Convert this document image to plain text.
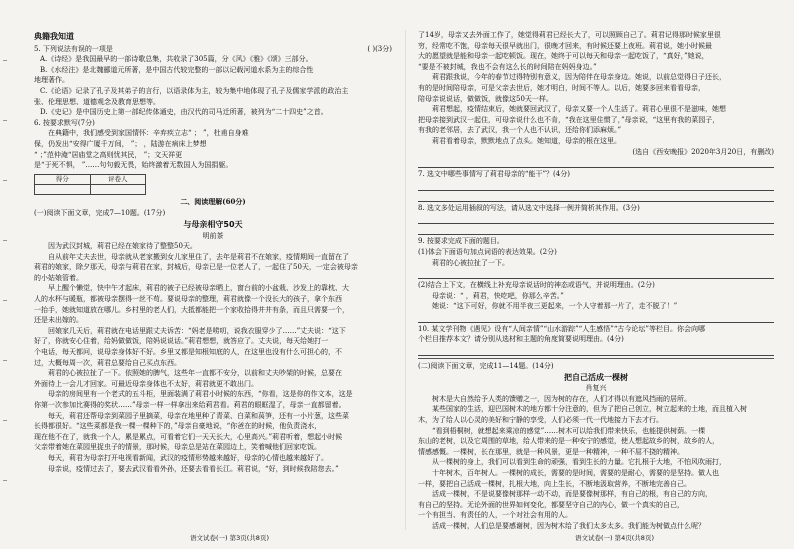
典籍我知道
5. 下列说法有误的一项是	( )(3分)
A.《诗经》是我国最早的一部诗歌总集，共收录了305篇，分《风》《雅》《颂》三部分。
B.《水经注》是北魏郦道元所著，是中国古代较完整的一部以记载河道水系为主的综合性
地理著作。
C.《论语》记录了孔子及其弟子的言行，以语录体为主，较为集中地体现了孔子及儒家学派的政治主
张、伦理思想、道德观念及教育思想等。
D.《史记》是中国历史上第一部纪传体通史，由汉代的司马迁所著，被列为“二十四史”之首。
6. 按要求默写(7分)
在典籍中，我们感受到家国情怀：辛弃疾立志“ ； ”，杜甫自身难
保，仍发出“安得广厦千万间， ”； ，陆游在病床上梦想
“ ；”范仲淹“居庙堂之高则忧其民， ”；文天祥更
是“于死不惧， ”……句句毅无畏，始终激着无数国人为国捐躯。
得分	评卷人
二、阅读理解(60分)
(一)阅读下面文章，完成7—10题。(17分)
与母亲相守50天
明前茶
因为武汉封城，莉君已经在娘家待了整整50天。
自从前年丈夫去世，母亲就从老家搬到女儿家里住了，去年是莉君不在娘家，疫情期间一直留在了
莉君的娘家，除夕那天，母亲与莉君在家，封城后，母亲已是一位老人了，一起住了50天，一定会被母亲
的小姑娘管着。
早上醒个懒觉，快中午才起床，莉君的被子已经被母亲晒上，窗台前的小盆栽、沙发上的靠枕、大
人的水杯与暖瓶，都被母亲摆得一丝不苟。要说母亲的整理，莉君就像一个没长大的孩子，拿个东西
一抬手，她就知道放在哪儿。乡村里的老人们，大抵都能把一个家收拾得井井有条，而且只需要一个，
还是未出嫁的。
回娘家几天后，莉君就在电话里跟丈夫诉苦：“妈老是唠叨，说我衣服穿少了……”丈夫说：“这下
好了，你就安心住着，给妈做做饭，陪妈说说话。”莉君想想，就答应了。丈夫说，每天给她打一
个电话，每天都问，说母亲身体好不好。乡里又都是知根知底的人，在这里也没有什么可担心的，不
过，大概每周一次，莉君总要给自己买点东西。
莉君的心被拉扯了一下。依照她的脾气，这些年一直都不安分，以前和丈夫吵架的时候，总要在
外面待上一会儿才回家。可最近母亲身体也不太好，莉君就更不敢出门。
母亲的房间里有一个老式的五斗柜，里面装满了莉君小时候的东西，“你看，这是你的作文本，这是
你第一次参加比赛得的奖状……”母亲一样一样拿出来给莉君看。莉君的眼眶湿了，母亲一直都留着。
每天，莉君还帮母亲到菜园子里摘菜，母亲在地里种了青菜、白菜和莴笋，还有一小片葱，这些菜
长得都很好。“这些菜都是我一棵一棵种下的，”母亲自豪地说，“你爸在的时候，他负责浇水，
现在他不在了，就我一个人，累是累点，可看着它们一天天长大，心里高兴。”莉君听着，想起小时候
父亲带着她在菜园里捉虫子的情景，那时候，母亲总是站在菜园边上，笑着喊他们回家吃饭。
每天，莉君为母亲打开电视看新闻，武汉的疫情形势越来越好，母亲的心情也越来越好了。
母亲说，疫情过去了，要去武汉看看外孙，还要去看看长江。莉君说，“好，到时候我陪您去。”
了14岁，母亲又去外面工作了，她觉得莉君已经长大了，可以照顾自己了。莉君记得那时候家里很
穷，经常吃不饱，母亲每天很早就出门，很晚才回来，有时候还要上夜班。莉君说，她小时候最
大的愿望就是能和母亲一起吃顿饭。现在，她终于可以每天和母亲一起吃饭了，“真好，”她说，
“要是不被封城，我也不会有这么长的时间陪在妈妈身边。”
莉君跟我说，今年的春节过得特别有意义，因为陪伴在母亲身边。她说，以前总觉得日子还长，
有的是时间陪母亲，可是父亲去世后，她才明白，时间不等人。以后，她要多回来看看母亲，
陪母亲说说话，做做饭，就像这50天一样。
莉君想起，疫情结束后，她就要回武汉了，母亲又要一个人生活了。莉君心里很不是滋味，她想
把母亲接到武汉一起住，可母亲说什么也不肯，“我在这里住惯了，”母亲说，“这里有我的菜园子，
有我的老邻居，去了武汉，我一个人也不认识，还给你们添麻烦。”
莉君看着母亲，默默地点了点头。她知道，母亲的根在这里。
(选自《西安晚报》2020年3月20日，有删改)
7. 选文中哪些事情写了莉君母亲的“能干”？(4分)
8. 选文多处运用插叙的写法，请从选文中选择一例并简析其作用。(3分)
9. 按要求完成下面的题目。
(1)体会下面语句加点词语的表达效果。(2分)
莉君的心被拉扯了一下。
(2)结合上下文，在横线上补充母亲说话时的神态或语气，并说明理由。(2分)
母亲说：“ ，莉君，快吃吧，你那么辛苦。”
她说：“这下可好，你就不用半夜三更起来，一个人守着那一片了，走不脱了！”
10. 某文学刊物《遇见》设有“人间亲情”“山水游踪”“人生感悟”“古今论坛”等栏目。你会向哪
个栏目推荐本文？请分别从选材和主题的角度简要说明理由。(4分)
(二)阅读下面文章，完成11—14题。(14分)
把自己活成一棵树
肖复兴
树木是大自然给予人类的馈赠之一，因为树的存在，人们才得以有遮风挡雨的居所。
某些国家的生活，迎巴国树木的地方都十分注意的，但为了把自己创立，树立起来的土地，而且植入树
木，为了给人以心灵的美好和宁静的享受，人们必须一代一代地接力下去才行。
“看到梧桐树，就想起来乘凉的感觉”……树木可以给我们带来快乐，也能提供树荫。一棵
东山的老树，以及它周围的草地，给人带来的是一种安宁的感觉，使人想起故乡的树，故乡的人，
情感感慨。一棵树，长在那里，就是一种风景，更是一种精神，一种不屈不挠的精神。
从一棵树的身上，我们可以看到生命的顽强，看到生长的力量。它扎根于大地，不怕风吹雨打，
十年树木，百年树人。一棵树的成长，需要的是时间，需要的是耐心，需要的是坚持。做人也
一样，要把自己活成一棵树，扎根大地，向上生长，不断地汲取营养，不断地完善自己。
活成一棵树，不是说要像树那样一动不动，而是要像树那样，有自己的根，有自己的方向，
有自己的坚持。无论外面的世界如何变化，都要坚守自己的内心，做一个真实的自己，
一个有担当、有责任的人，一个对社会有用的人。
活成一棵树，人们总是要感谢树，因为树木给了我们太多太多。我们能为树做点什么呢？
语文试卷(一) 第3页(共8页)	语文试卷(一) 第4页(共8页)
